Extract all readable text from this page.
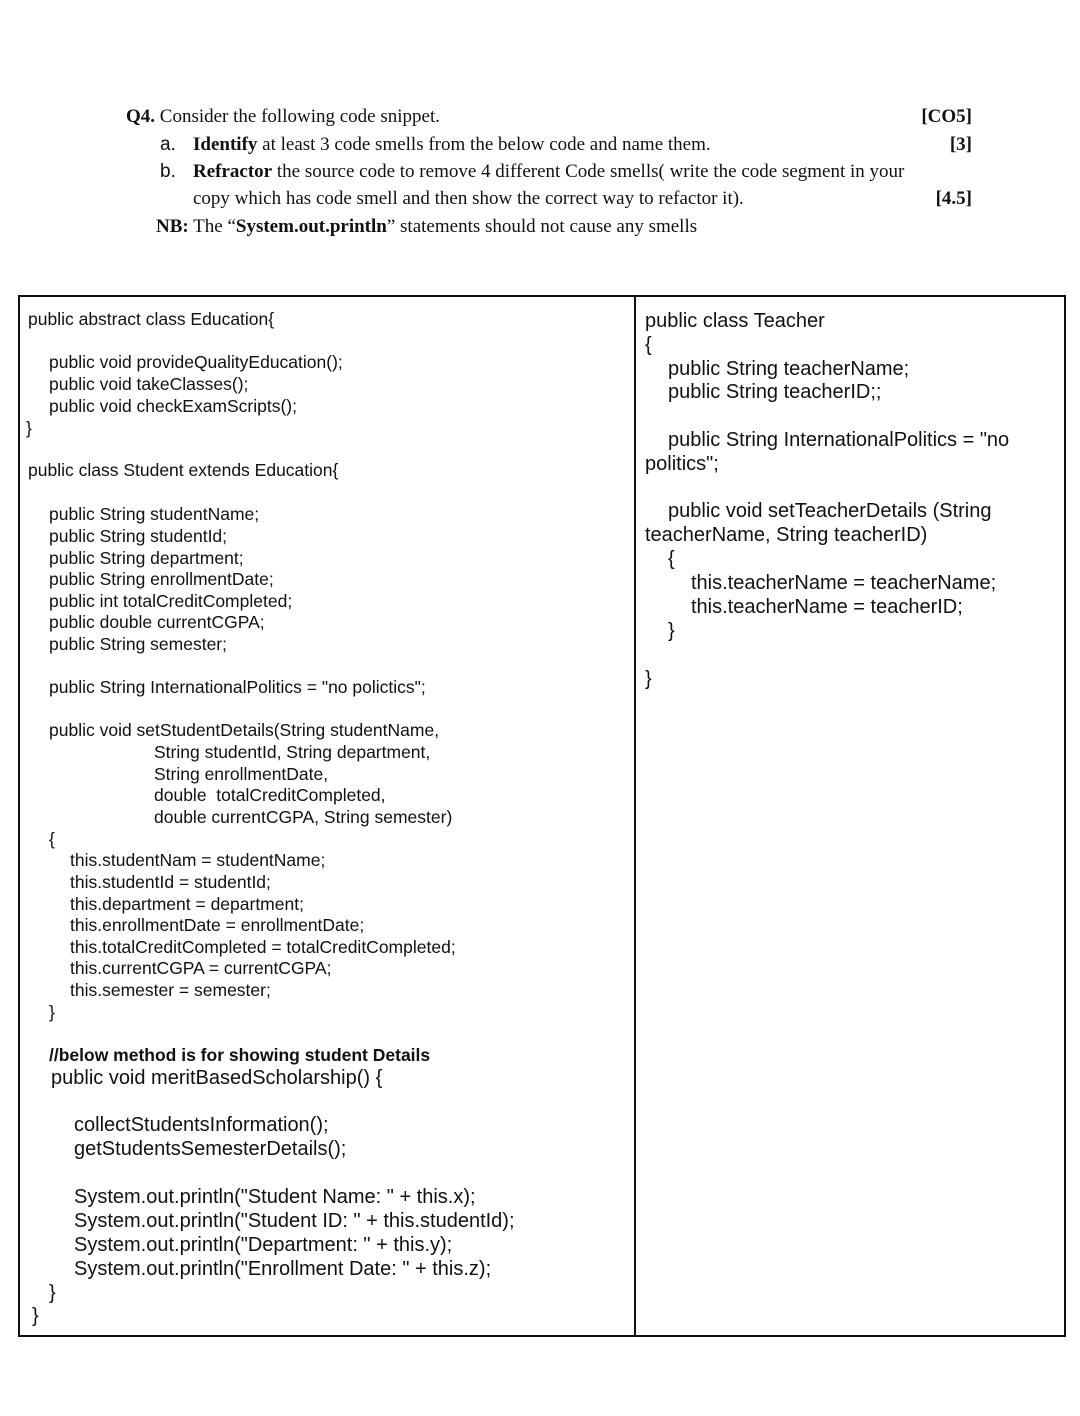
Q4. Consider the following code snippet.	[CO5]
a. Identify at least 3 code smells from the below code and name them.	[3]
b. Refractor the source code to remove 4 different Code smells( write the code segment in your
copy which has code smell and then show the correct way to refactor it).	[4.5]
NB: The “System.out.println” statements should not cause any smells
public abstract class Education{
public void provideQualityEducation();
public void takeClasses();
public void checkExamScripts();
}
public class Student extends Education{
public String studentName;
public String studentId;
public String department;
public String enrollmentDate;
public int totalCreditCompleted;
public double currentCGPA;
public String semester;
public String InternationalPolitics = "no polictics";
public void setStudentDetails(String studentName,
String studentId, String department,
String enrollmentDate,
double  totalCreditCompleted,
double currentCGPA, String semester)
{
this.studentNam = studentName;
this.studentId = studentId;
this.department = department;
this.enrollmentDate = enrollmentDate;
this.totalCreditCompleted = totalCreditCompleted;
this.currentCGPA = currentCGPA;
this.semester = semester;
}
//below method is for showing student Details
public void meritBasedScholarship() {
collectStudentsInformation();
getStudentsSemesterDetails();
System.out.println("Student Name: " + this.x);
System.out.println("Student ID: " + this.studentId);
System.out.println("Department: " + this.y);
System.out.println("Enrollment Date: " + this.z);
}
}
public class Teacher
{
public String teacherName;
public String teacherID;;
public String InternationalPolitics = "no
politics";
public void setTeacherDetails (String
teacherName, String teacherID)
{
this.teacherName = teacherName;
this.teacherName = teacherID;
}
}
